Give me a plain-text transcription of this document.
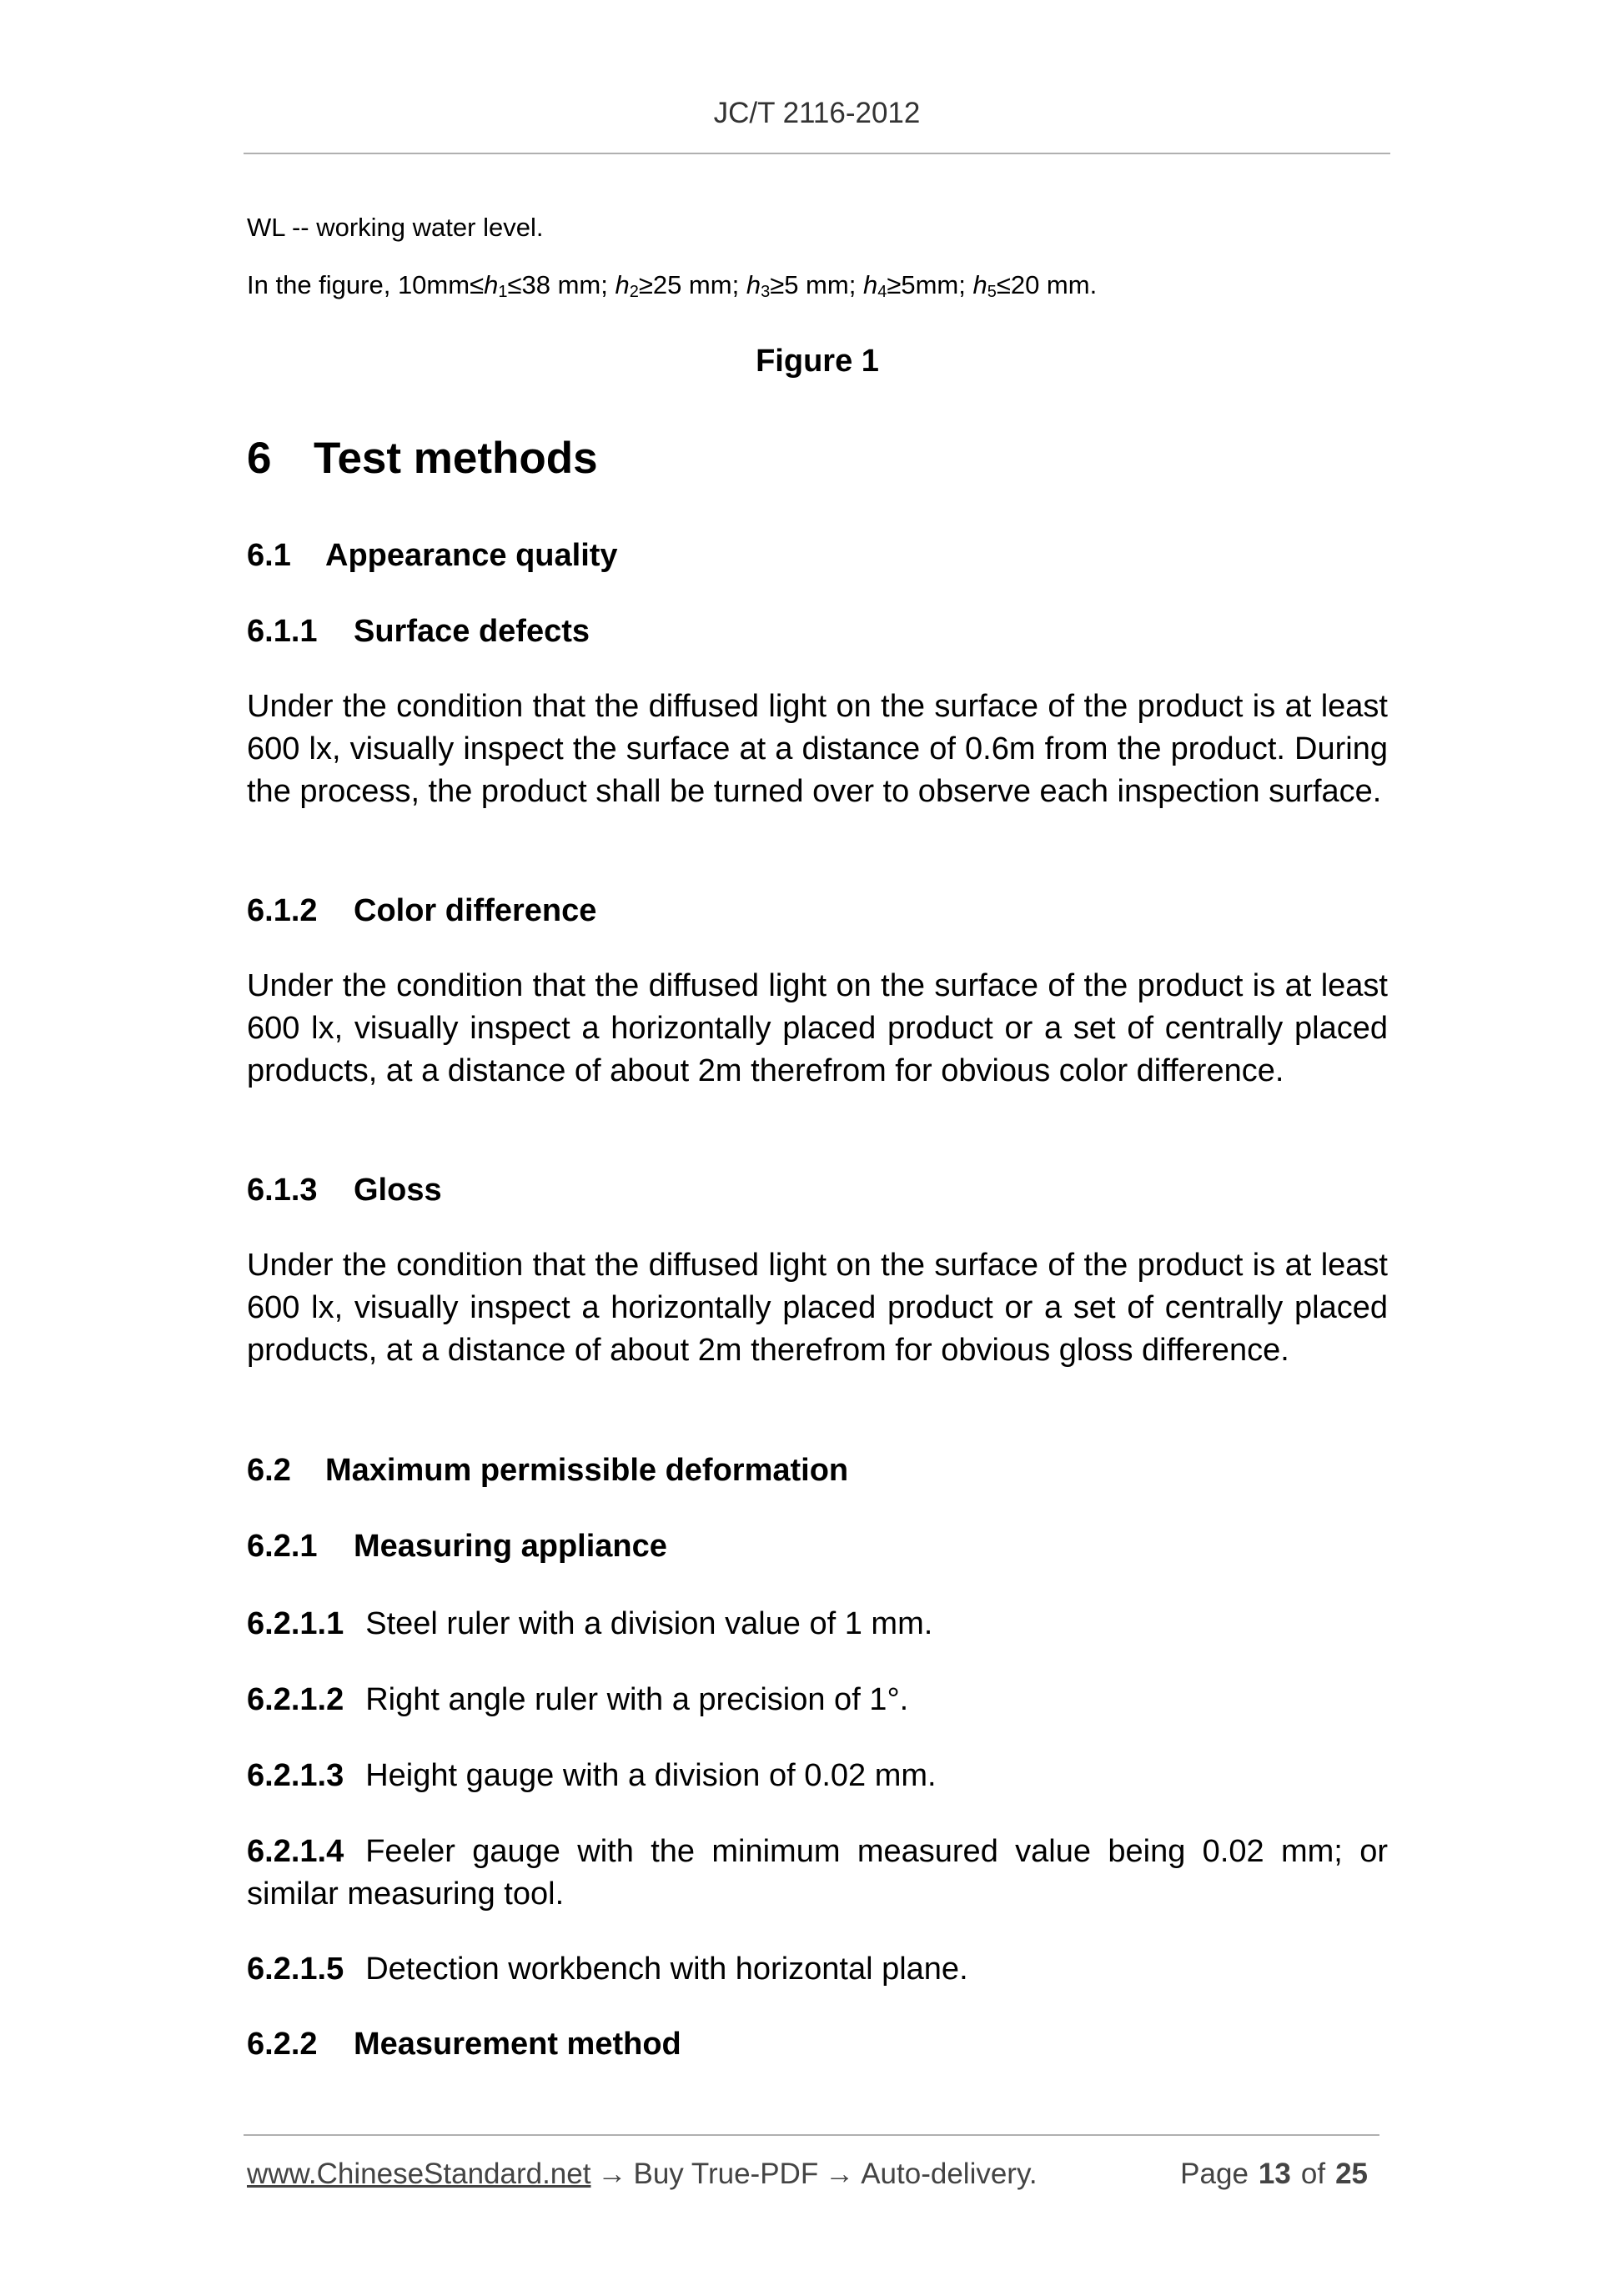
JC/T 2116-2012
WL -- working water level.
In the figure, $10mm\le h_1\le 38$ mm; $h_2\ge 25$ mm; $h_3\ge 5$ mm; $h_4\ge 5mm$; $h_5\le 20$ mm.
Figure 1
6 Test methods
6.1 Appearance quality
6.1.1 Surface defects
Under the condition that the diffused light on the surface of the product is at least 600 lx, visually inspect the surface at a distance of 0.6m from the product. During the process, the product shall be turned over to observe each inspection surface.
6.1.2 Color difference
Under the condition that the diffused light on the surface of the product is at least 600 lx, visually inspect a horizontally placed product or a set of centrally placed products, at a distance of about 2m therefrom for obvious color difference.
6.1.3 Gloss
Under the condition that the diffused light on the surface of the product is at least 600 lx, visually inspect a horizontally placed product or a set of centrally placed products, at a distance of about 2m therefrom for obvious gloss difference.
6.2 Maximum permissible deformation
6.2.1 Measuring appliance
6.2.1.1 Steel ruler with a division value of 1 mm.
6.2.1.2 Right angle ruler with a precision of 1°.
6.2.1.3 Height gauge with a division of 0.02 mm.
6.2.1.4 Feeler gauge with the minimum measured value being 0.02 mm; or similar measuring tool.
6.2.1.5 Detection workbench with horizontal plane.
6.2.2 Measurement method
www.ChineseStandard.net → Buy True-PDF → Auto-delivery.	Page 13 of 25
